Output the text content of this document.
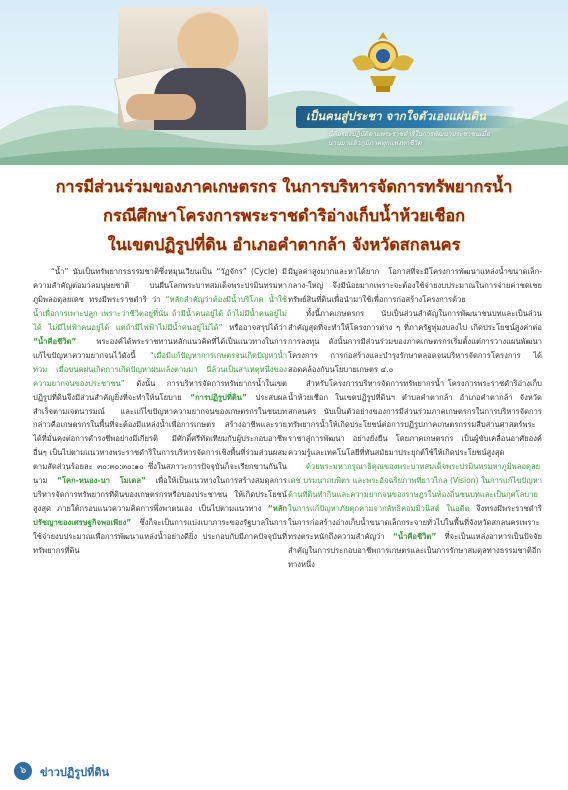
เป็นคนสู่ประชา จากใจตัวเองแผ่นดิน
นี่คือรองปฏิบัติตามพระราชดำริในการพัฒนาประชาชนเมื่อนานมาแล้วภูมิภาคทุกแห่งทุกชีวิต
การมีส่วนร่วมของภาคเกษตรกร ในการบริหารจัดการทรัพยากรน้ำ
กรณีศึกษาโครงการพระราชดำริอ่างเก็บน้ำห้วยเชือก
ในเขตปฏิรูปที่ดิน อำเภอคำตากล้า จังหวัดสกลนคร

“น้ำ” นับเป็นทรัพยากรธรรมชาติซึ่งหมุนเวียนเป็น “วัฏจักร” (Cycle) มีความสำคัญต่อมวลมนุษยชาติ บนผืนโลกพระบาทสมเด็จพระปรมินทรมหาภูมิพลอดุลยเดช ทรงมีพระราชดำริ ว่า “หลักสำคัญว่าต้องมีน้ำบริโภค น้ำใช้ น้ำเพื่อการเพาะปลูก เพราะว่าชีวิตอยู่ที่นั่น ถ้ามีน้ำคนอยู่ได้ ถ้าไม่มีน้ำคนอยู่ไม่ได้ ไม่มีไฟฟ้าคนอยู่ได้ แต่ถ้ามีไฟฟ้าไม่มีน้ำคนอยู่ไม่ได้” หรืออาจสรุปได้ว่า “น้ำคือชีวิต” พระองค์ได้พระราชทานหลักแนวคิดที่ได้เป็นแนวทางในการแก้ไขปัญหาความยากจนไว้ดังนี้ “เมื่อมีแก้ปัญหาการเกษตรจนเกิดปัญหาน้ำท่วม เมื่อขนคฝนเกิดการเกิดปัญหาฝนแล้งตามมา นี่ล้วนเป็นสาเหตุหนึ่งของความยากจนของประชาชน” ดังนั้น การบริหารจัดการทรัพยากรน้ำในเขตปฏิรูปที่ดินจึงมีส่วนสำคัญยิ่งที่จะทำให้นโยบาย “การปฏิรูปที่ดิน” ประสบผลสำเร็จตามเจตนารมณ์ และแก้ไขปัญหาความยากจนของเกษตรกรในชนบท กล่าวคือเกษตรกรในพื้นที่จะต้องมีแหล่งน้ำเพื่อการเกษตร สร้างอาชีพและรายได้ที่มั่นคงต่อการดำรงชีพอย่างมีเกียรติ มีศักดิ์ศรีทัดเทียมกับผู้ประกอบอาชีพ อื่นๆ เป็นไปตามแนวทางพระราชดำริในการบริหารจัดการเชิงพื้นที่ร่วมส่วนผสม ตามสัดส่วนร้อยละ ๓๐:๓๐:๓๐:๑๐ ซึ่งในสภาวะการปัจจุบันก็จะเรียกขานกันในนาม “โคก-หนอง-นา โมเดล” เพื่อให้เป็นแนวทางในการสร้างสมดุลการบริหารจัดการทรัพยากรที่ดินของเกษตรกรหรือของประชาชน ให้เกิดประโยชน์สูงสุด ภายใต้กรอบแนวความคิดการพึ่งพาตนเอง เป็นไปตามแนวทาง “หลักปรัชญาของเศรษฐกิจพอเพียง” ซึ่งก็จะเป็นการแบ่งเบาภาระของรัฐบาลในการใช้จ่ายงบประมาณเพื่อการพัฒนาแหล่งน้ำอย่างดียิ่ง ประกอบกับมีภาคปัจจุบันที่ทรัพยากรที่ดิน

มีมูลค่าสูงมากและหาได้ยาก โอกาสที่จะมีโครงการพัฒนาแหล่งน้ำขนาดเล็ก-กลาง-ใหญ่ จึงมีน้อยมากเพราะจะต้องใช้จ่ายงบประมาณในการจ่ายค่าชดเชยทรัพย์สินที่ดินเพื่อนำมาใช้เพื่อการก่อสร้างโครงการด้วย

ทั้งนี้ภาคเกษตรกร นับเป็นส่วนสำคัญในการพัฒนาชนบทและเป็นส่วนสำคัญสุดที่จะทำให้โครงการต่าง ๆ ที่ภาครัฐทุ่มงบลงไป เกิดประโยชน์สูงค่าต่อการลงทุน ดังนั้นการมีส่วนร่วมของภาคเกษตรกรเริ่มตั้งแต่การวางแผนพัฒนาโครงการ การก่อสร้างและบำรุงรักษาตลอดจนบริหารจัดการโครงการ ได้สอดคล้องกับนโยบายเกษตร ๔.๐

สำหรับโครงการบริหารจัดการทรัพยากรน้ำ โครงการพระราชดำริอ่างเก็บน้ำห้วยเชือก ในเขตปฏิรูปที่ดินฯ ตำบลคำตากล้า อำเภอคำตากล้า จังหวัดสกลนคร นับเป็นตัวอย่างของการมีส่วนร่วมภาคเกษตรกรในการบริหารจัดการทรัพยากรน้ำให้เกิดประโยชน์ต่อการปฏิรูปภาคเกษตรกรรมสืบสานศาสตร์พระราชาสู่การพัฒนา อย่างยั่งยืน โดยภาคเกษตรกร เป็นผู้ขับเคลื่อนอาศัยองค์ความรู้และเทคโนโลยีที่ทันสมัยมาประยุกต์ใช้ให้เกิดประโยชน์สูงสุด

ด้วยพระมหากรุณาธิคุณของพระบาทสมเด็จพระปรมินทรมหาภูมิพลอดุลยเดช บรมนาถบพิตร และพระอัจฉริยภาพที่ยาวไกล (Vision) ในการแก้ไขปัญหาด้านที่ดินทำกินและความยากจนของราษฎรในท้องถิ่นชนบทและเป็นกุศโลบายในการแก้ปัญหาภัยคุกคามจากลัทธิคอมมิวนิสต์ ในอดีต จึงทรงมีพระราชดำริในการก่อสร้างอ่างเก็บน้ำขนาดเล็กกระจายทั่วไปในพื้นที่จังหวัดสกลนครเพราะทรงตระหนักถึงความสำคัญว่า “น้ำคือชีวิต” ที่จะเป็นแหล่งอาหารเป็นปัจจัยสำคัญในการประกอบอาชีพการเกษตรและเป็นการรักษาสมดุลทางธรรมชาติอีกทางหนึ่ง

๖	ข่าวปฏิรูปที่ดิน
